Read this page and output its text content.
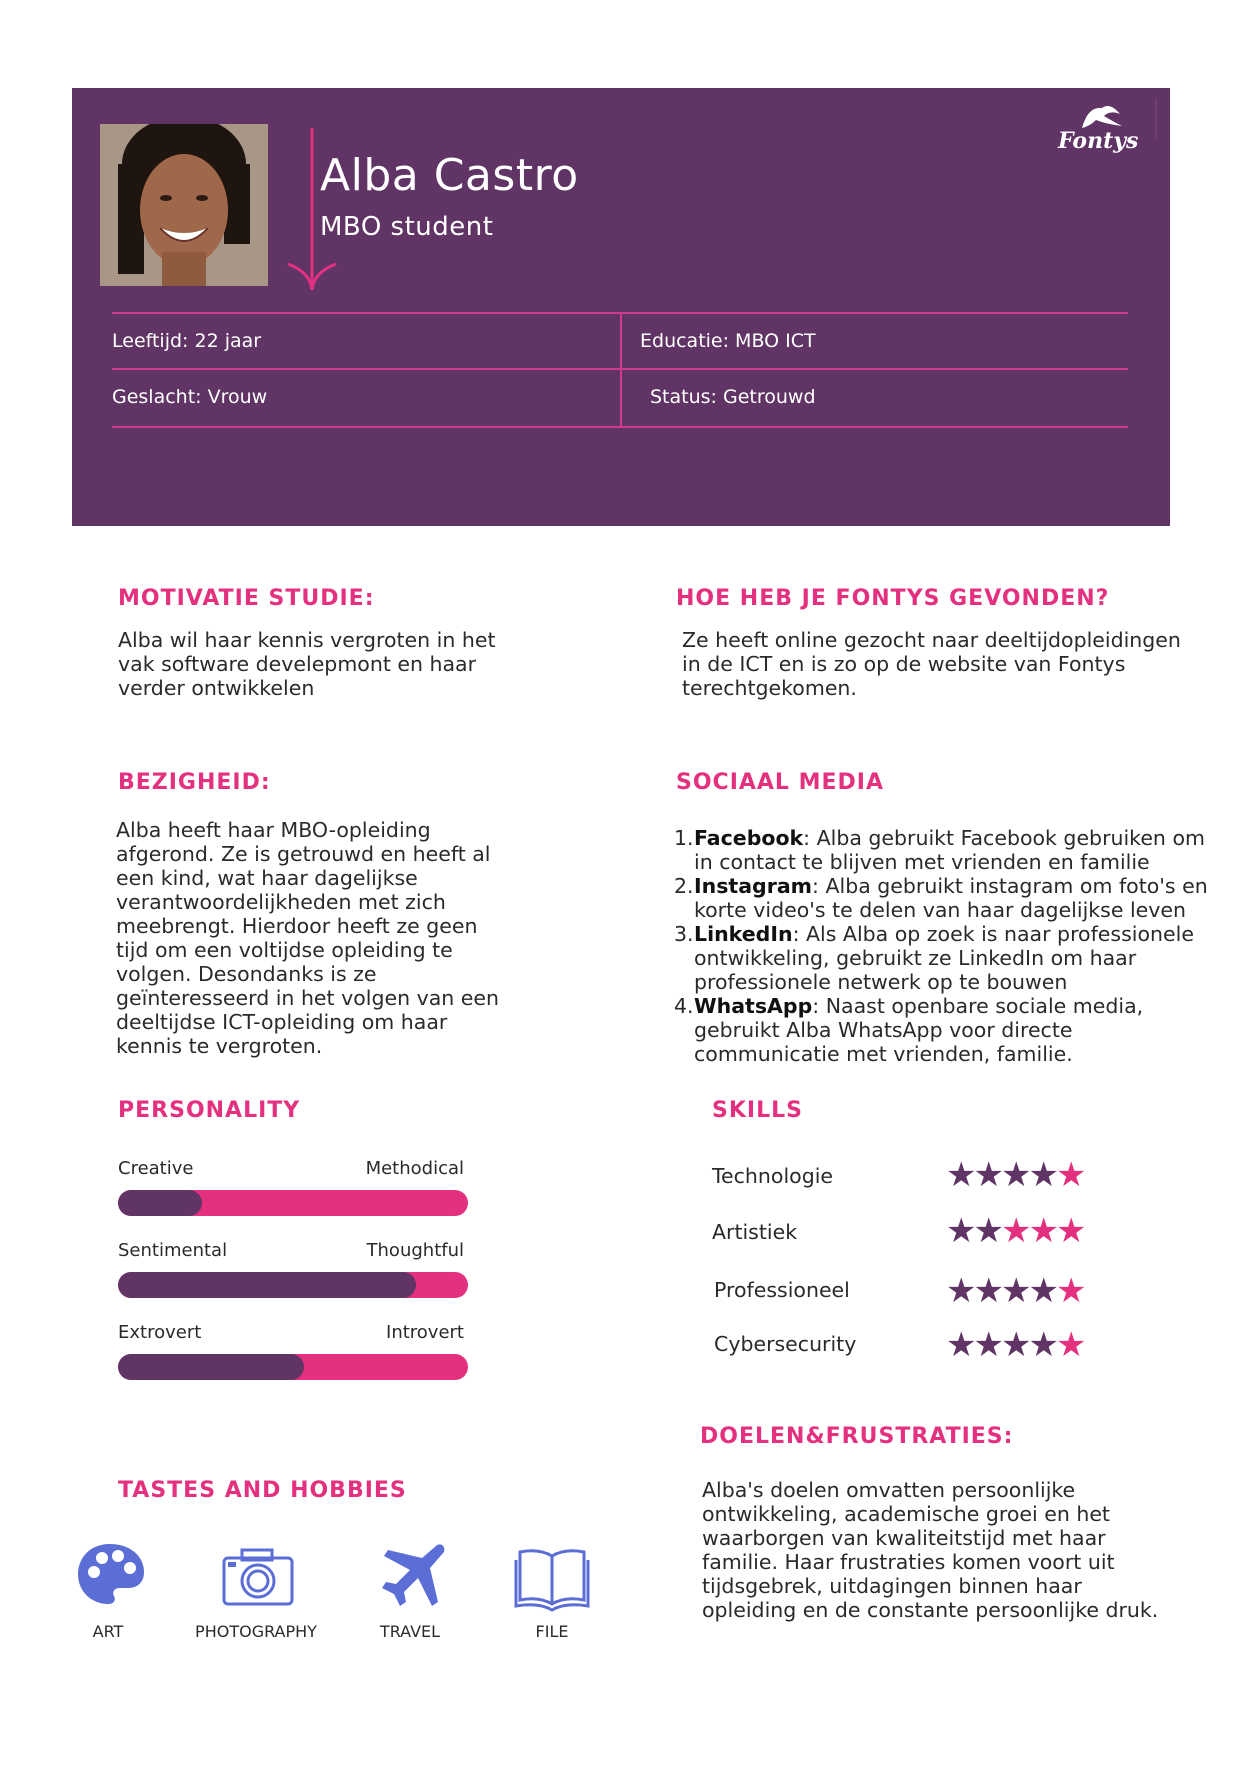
Alba Castro
MBO student
Fontys
Leeftijd: 22 jaar	Educatie: MBO ICT
Geslacht: Vrouw	Status: Getrouwd
MOTIVATIE STUDIE:
Alba wil haar kennis vergroten in het
vak software develepmont en haar
verder ontwikkelen
HOE HEB JE FONTYS GEVONDEN?
Ze heeft online gezocht naar deeltijdopleidingen
in de ICT en is zo op de website van Fontys
terechtgekomen.
BEZIGHEID:
Alba heeft haar MBO-opleiding
afgerond. Ze is getrouwd en heeft al
een kind, wat haar dagelijkse
verantwoordelijkheden met zich
meebrengt. Hierdoor heeft ze geen
tijd om een voltijdse opleiding te
volgen. Desondanks is ze
geïnteresseerd in het volgen van een
deeltijdse ICT-opleiding om haar
kennis te vergroten.
SOCIAAL MEDIA
1. Facebook: Alba gebruikt Facebook gebruiken om
in contact te blijven met vrienden en familie
2. Instagram: Alba gebruikt instagram om foto's en
korte video's te delen van haar dagelijkse leven
3. LinkedIn: Als Alba op zoek is naar professionele
ontwikkeling, gebruikt ze LinkedIn om haar
professionele netwerk op te bouwen
4. WhatsApp: Naast openbare sociale media,
gebruikt Alba WhatsApp voor directe
communicatie met vrienden, familie.
PERSONALITY
Creative	Methodical
Sentimental	Thoughtful
Extrovert	Introvert
SKILLS
Technologie	★★★★★
Artistiek	★★★★★
Professioneel	★★★★★
Cybersecurity	★★★★★
DOELEN&FRUSTRATIES:
Alba's doelen omvatten persoonlijke
ontwikkeling, academische groei en het
waarborgen van kwaliteitstijd met haar
familie. Haar frustraties komen voort uit
tijdsgebrek, uitdagingen binnen haar
opleiding en de constante persoonlijke druk.
TASTES AND HOBBIES
ART	PHOTOGRAPHY	TRAVEL	FILE
